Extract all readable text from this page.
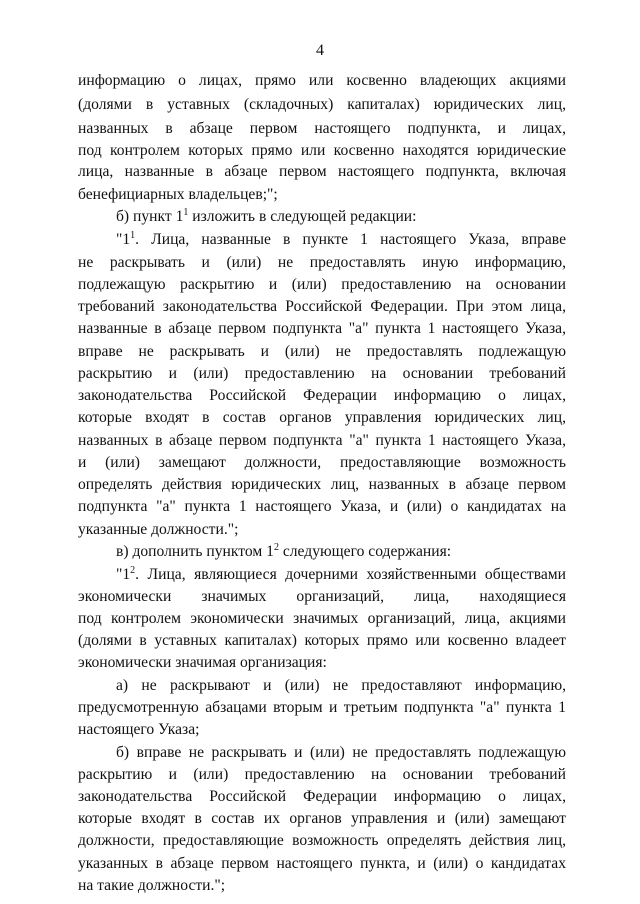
4
информацию о лицах, прямо или косвенно владеющих акциями
(долями в уставных (складочных) капиталах) юридических лиц,
названных в абзаце первом настоящего подпункта, и лицах,
под контролем которых прямо или косвенно находятся юридические
лица, названные в абзаце первом настоящего подпункта, включая
бенефициарных владельцев;";
б) пункт $1^1$ изложить в следующей редакции:
"$1^1$. Лица, названные в пункте 1 настоящего Указа, вправе
не раскрывать и (или) не предоставлять иную информацию,
подлежащую раскрытию и (или) предоставлению на основании
требований законодательства Российской Федерации. При этом лица,
названные в абзаце первом подпункта "а" пункта 1 настоящего Указа,
вправе не раскрывать и (или) не предоставлять подлежащую
раскрытию и (или) предоставлению на основании требований
законодательства Российской Федерации информацию о лицах,
которые входят в состав органов управления юридических лиц,
названных в абзаце первом подпункта "а" пункта 1 настоящего Указа,
и (или) замещают должности, предоставляющие возможность
определять действия юридических лиц, названных в абзаце первом
подпункта "а" пункта 1 настоящего Указа, и (или) о кандидатах на
указанные должности.";
в) дополнить пунктом $1^2$ следующего содержания:
"$1^2$. Лица, являющиеся дочерними хозяйственными обществами
экономически значимых организаций, лица, находящиеся
под контролем экономически значимых организаций, лица, акциями
(долями в уставных капиталах) которых прямо или косвенно владеет
экономически значимая организация:
а) не раскрывают и (или) не предоставляют информацию,
предусмотренную абзацами вторым и третьим подпункта "а" пункта 1
настоящего Указа;
б) вправе не раскрывать и (или) не предоставлять подлежащую
раскрытию и (или) предоставлению на основании требований
законодательства Российской Федерации информацию о лицах,
которые входят в состав их органов управления и (или) замещают
должности, предоставляющие возможность определять действия лиц,
указанных в абзаце первом настоящего пункта, и (или) о кандидатах
на такие должности.";
